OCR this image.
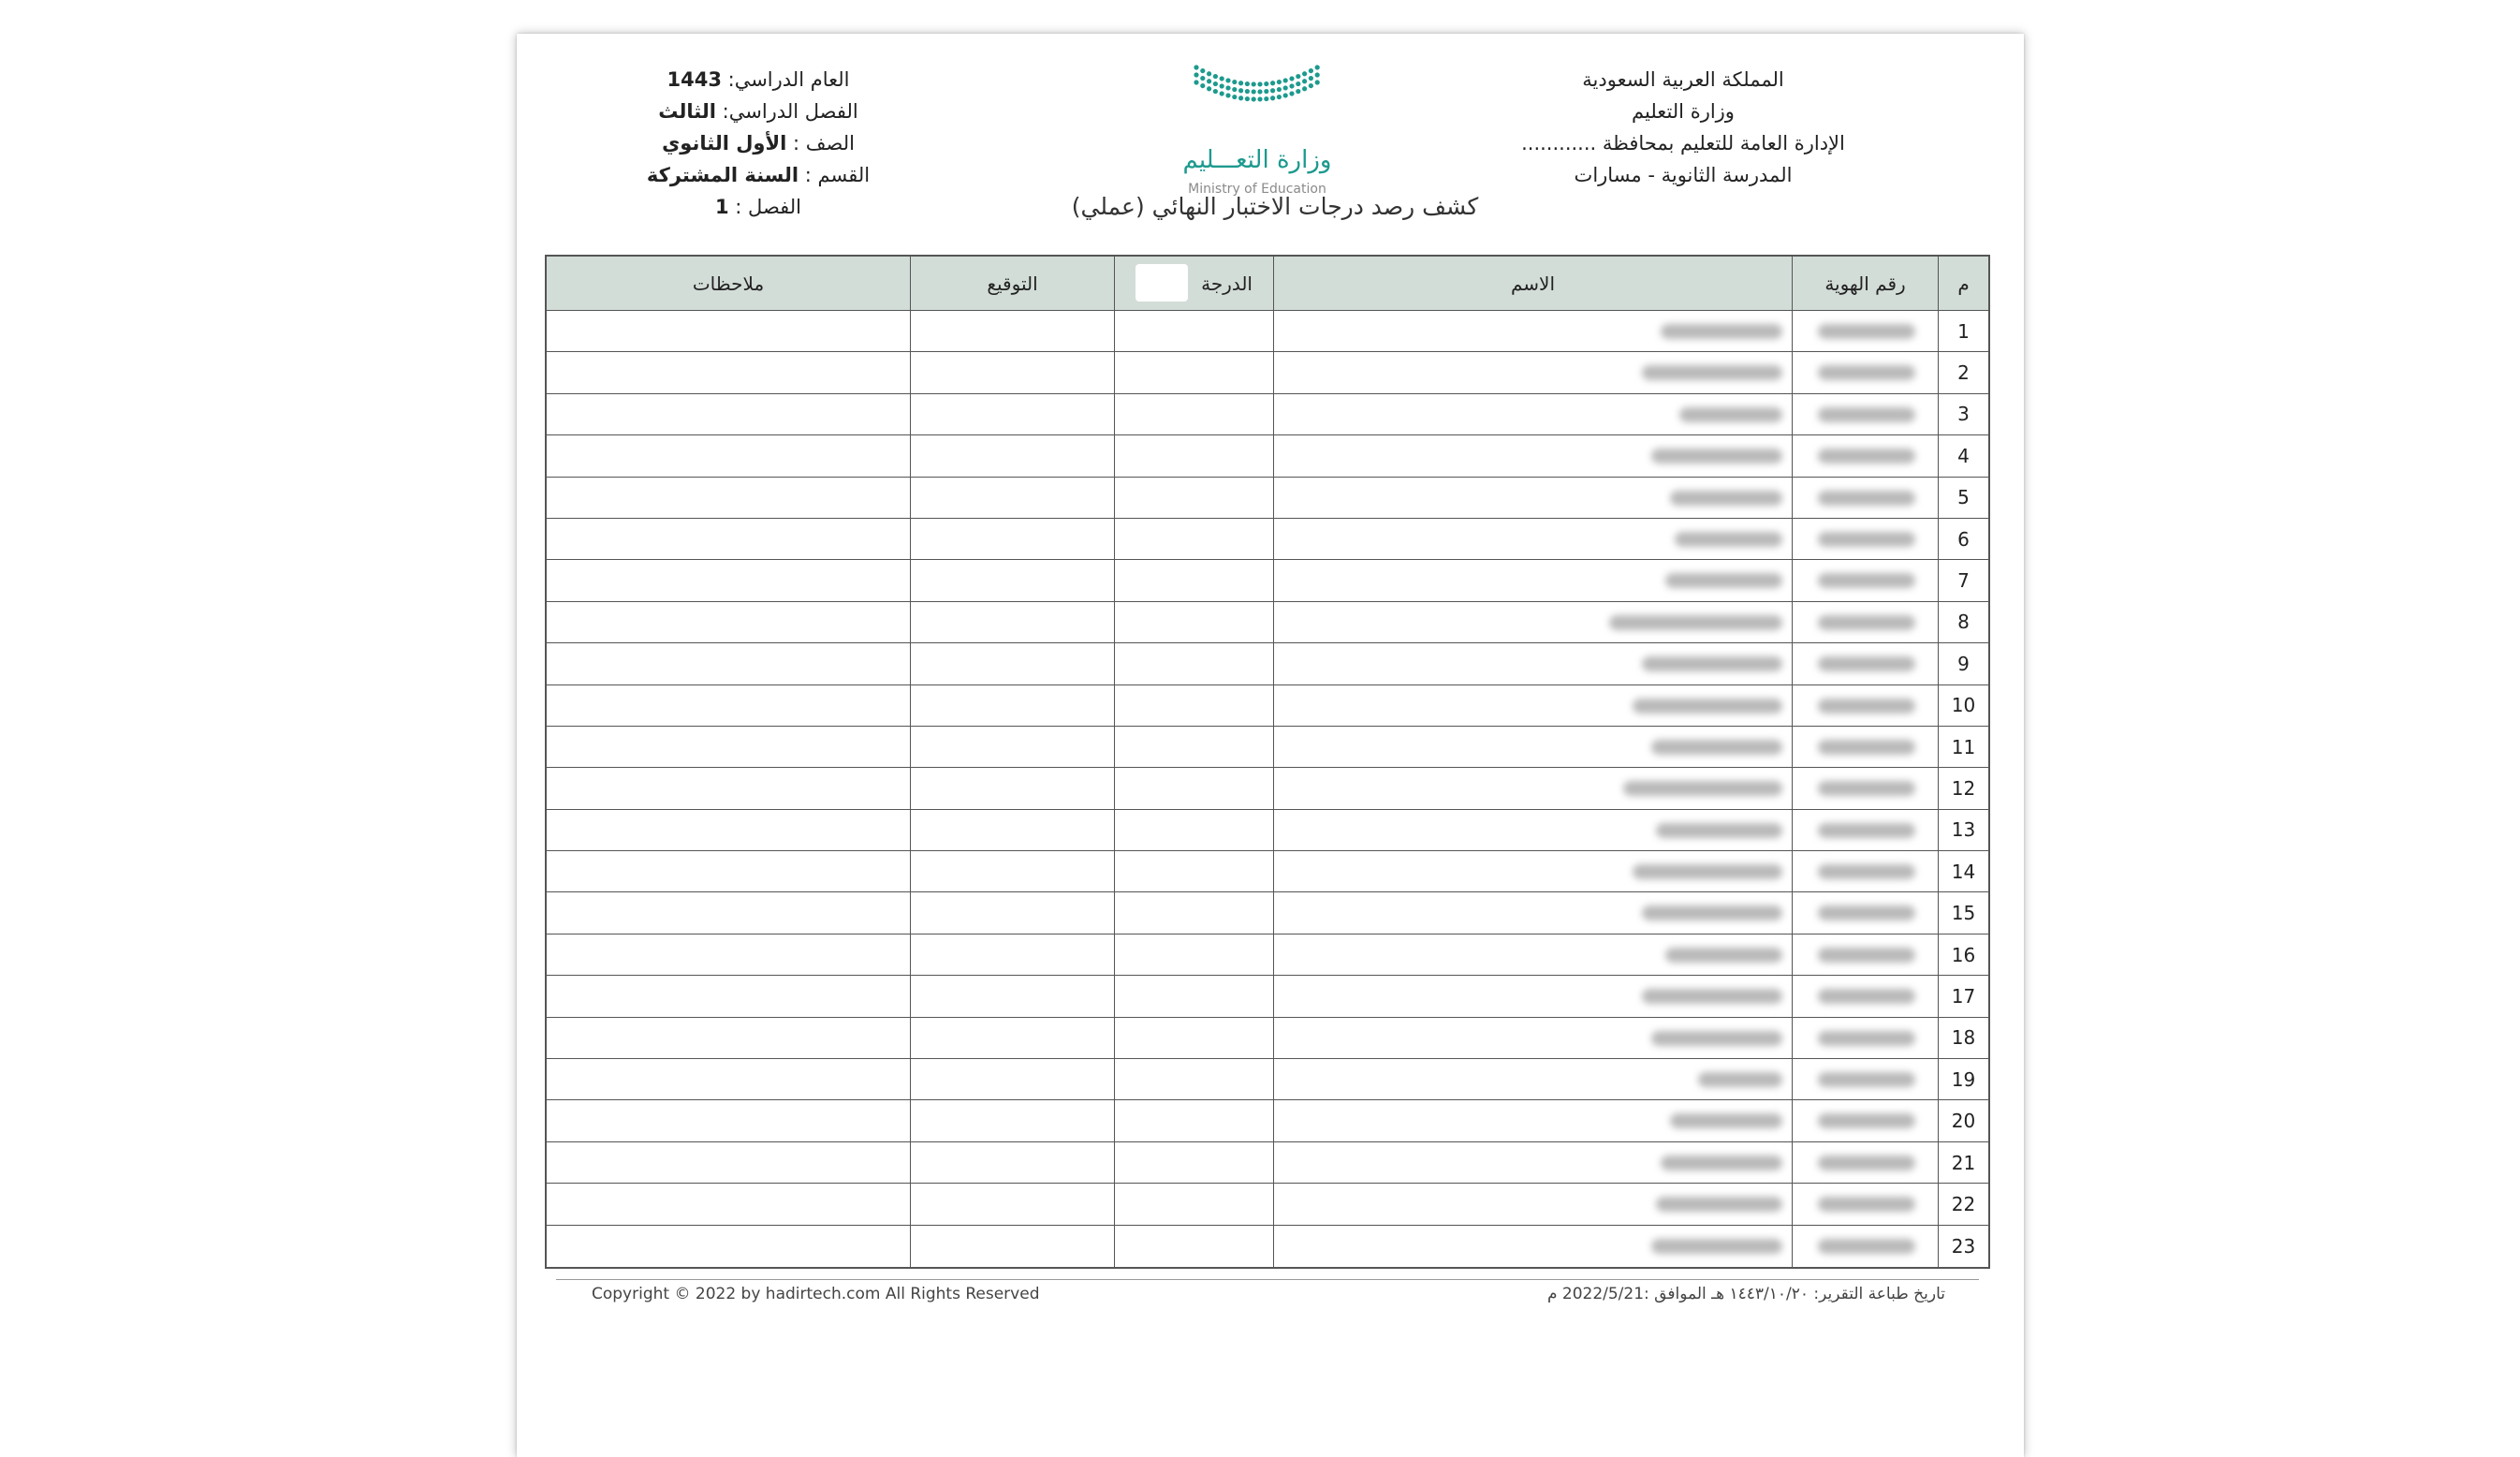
المملكة العربية السعودية
وزارة التعليم
الإدارة العامة للتعليم بمحافظة ............
المدرسة الثانوية - مسارات
وزارة التعـــليم
Ministry of Education
العام الدراسي: 1443
الفصل الدراسي: الثالث
الصف : الأول الثانوي
القسم : السنة المشتركة
الفصل : 1	كشف رصد درجات الاختبار النهائي (عملي)
م
رقم الهوية
الاسم
الدرجة
التوقيع
ملاحظات
1
2
3
4
5
6
7
8
9
10
11
12
13
14
15
16
17
18
19
20
21
22
23
Copyright © 2022 by hadirtech.com All Rights Reserved	تاريخ طباعة التقرير: ١٤٤٣/١٠/٢٠ هـ الموافق :2022/5/21 م
